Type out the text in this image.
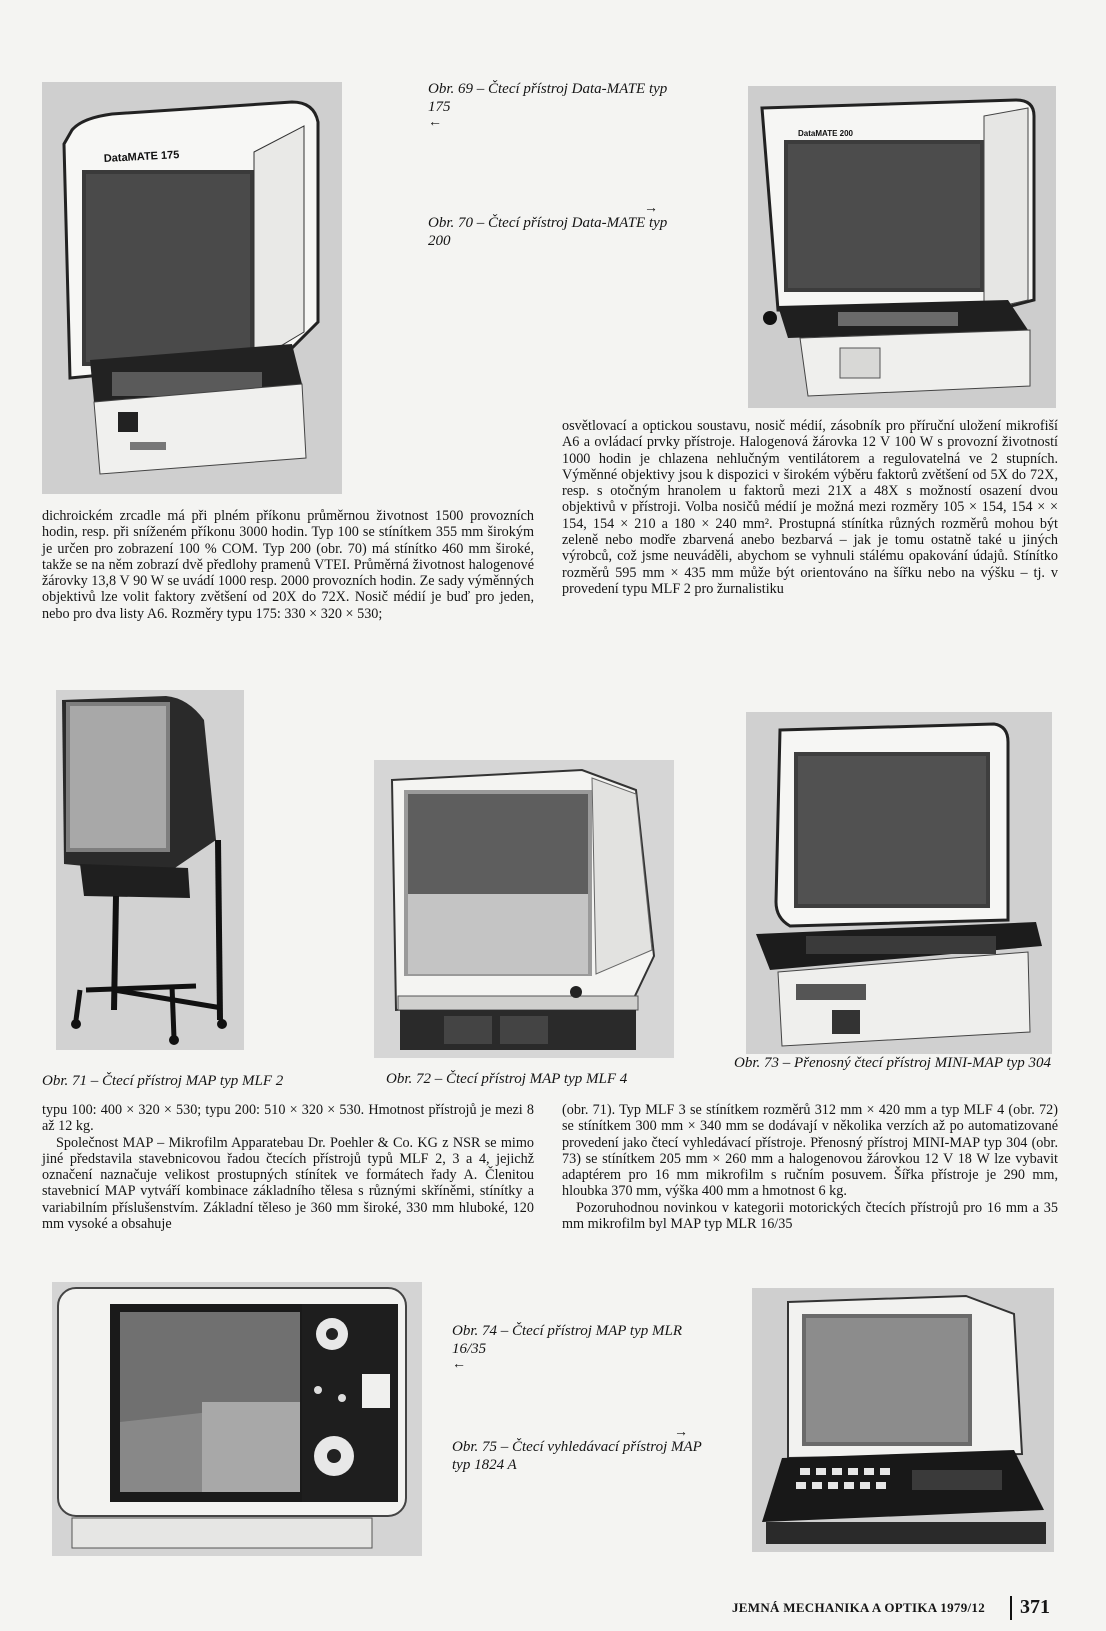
DataMATE 175
DataMATE 200
Obr. 69 – Čtecí přístroj Data-MATE typ 175
←
→
Obr. 70 – Čtecí přístroj Data-MATE typ 200
Obr. 71 – Čtecí přístroj MAP typ MLF 2	Obr. 72 – Čtecí přístroj MAP typ MLF 4
Obr. 73 – Přenosný čtecí přístroj MINI-MAP typ 304
Obr. 74 – Čtecí přístroj MAP typ MLR 16/35
←
→
Obr. 75 – Čtecí vyhledávací přístroj MAP typ 1824 A

dichroickém zrcadle má při plném příkonu průměrnou životnost 1500 provozních hodin, resp. při sníženém příkonu 3000 hodin. Typ 100 se stínítkem 355 mm širokým je určen pro zobrazení 100 % COM. Typ 200 (obr. 70) má stínítko 460 mm široké, takže se na něm zobrazí dvě předlohy pramenů VTEI. Průměrná životnost halogenové žárovky 13,8 V 90 W se uvádí 1000 resp. 2000 provozních hodin. Ze sady výměnných objektivů lze volit faktory zvětšení od 20X do 72X. Nosič médií je buď pro jeden, nebo pro dva listy A6. Rozměry typu 175: 330 × 320 × 530;

osvětlovací a optickou soustavu, nosič médií, zásobník pro příruční uložení mikrofiší A6 a ovládací prvky přístroje. Halogenová žárovka 12 V 100 W s provozní životností 1000 hodin je chlazena nehlučným ventilátorem a regulovatelná ve 2 stupních. Výměnné objektivy jsou k dispozici v širokém výběru faktorů zvětšení od 5X do 72X, resp. s otočným hranolem u faktorů mezi 21X a 48X s možností osazení dvou objektivů v přístroji. Volba nosičů médií je možná mezi rozměry 105 × 154, 154 × × 154, 154 × 210 a 180 × 240 mm². Prostupná stínítka různých rozměrů mohou být zeleně nebo modře zbarvená anebo bezbarvá – jak je tomu ostatně také u jiných výrobců, což jsme neuváděli, abychom se vyhnuli stálému opakování údajů. Stínítko rozměrů 595 mm × 435 mm může být orientováno na šířku nebo na výšku – tj. v provedení typu MLF 2 pro žurnalistiku

typu 100: 400 × 320 × 530; typu 200: 510 × 320 × 530. Hmotnost přístrojů je mezi 8 až 12 kg.

Společnost MAP – Mikrofilm Apparatebau Dr. Poehler & Co. KG z NSR se mimo jiné představila stavebnicovou řadou čtecích přístrojů typů MLF 2, 3 a 4, jejichž označení naznačuje velikost prostupných stínítek ve formátech řady A. Členitou stavebnicí MAP vytváří kombinace základního tělesa s různými skříněmi, stínítky a variabilním příslušenstvím. Základní těleso je 360 mm široké, 330 mm hluboké, 120 mm vysoké a obsahuje

(obr. 71). Typ MLF 3 se stínítkem rozměrů 312 mm × 420 mm a typ MLF 4 (obr. 72) se stínítkem 300 mm × 340 mm se dodávají v několika verzích až po automatizované provedení jako čtecí vyhledávací přístroje. Přenosný přístroj MINI-MAP typ 304 (obr. 73) se stínítkem 205 mm × 260 mm a halogenovou žárovkou 12 V 18 W lze vybavit adaptérem pro 16 mm mikrofilm s ručním posuvem. Šířka přístroje je 290 mm, hloubka 370 mm, výška 400 mm a hmotnost 6 kg.

Pozoruhodnou novinkou v kategorii motorických čtecích přístrojů pro 16 mm a 35 mm mikrofilm byl MAP typ MLR 16/35

JEMNÁ MECHANIKA A OPTIKA 1979/12 371
